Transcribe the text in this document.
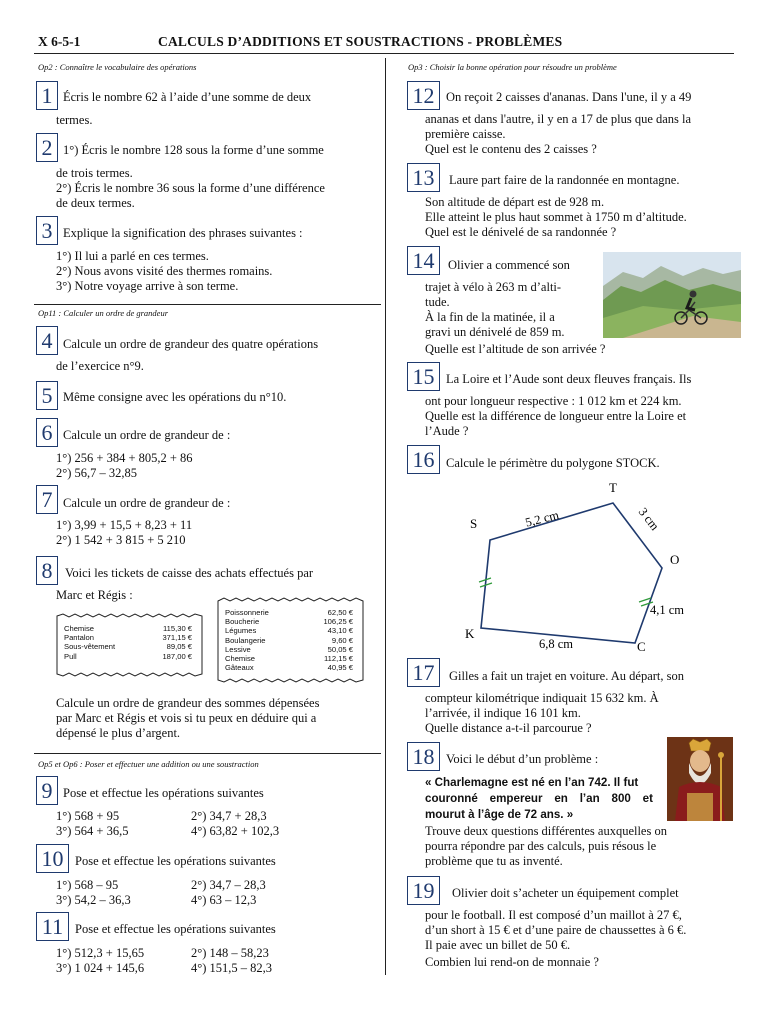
X 6-5-1	CALCULS D’ADDITIONS ET SOUSTRACTIONS - PROBLÈMES
Op2 : Connaître le vocabulaire des opérations
1 Écris le nombre 62 à l’aide d’une somme de deux
termes.
2 1°) Écris le nombre 128 sous la forme d’une somme
de trois termes.
2°) Écris le nombre 36 sous la forme d’une différence
de deux termes.
3 Explique la signification des phrases suivantes :
1°) Il lui a parlé en ces termes.
2°) Nous avons visité des thermes romains.
3°) Notre voyage arrive à son terme.
Op11 : Calculer un ordre de grandeur
4 Calcule un ordre de grandeur des quatre opérations
de l’exercice n°9.
5 Même consigne avec les opérations du n°10.
6 Calcule un ordre de grandeur de :
1°) 256 + 384 + 805,2 + 86
2°) 56,7 – 32,85
7 Calcule un ordre de grandeur de :
1°) 3,99 + 15,5 + 8,23 + 11
2°) 1 542 + 3 815 + 5 210
8	Voici les tickets de caisse des achats effectués par
Marc et Régis :
Chemise	115,30 €
Pantalon	371,15 €
Sous-vêtement	89,05 €
Pull	187,00 €
Poissonnerie	62,50 €
Boucherie	106,25 €
Légumes	43,10 €
Boulangerie	9,60 €
Lessive	50,05 €
Chemise	112,15 €
Gâteaux	40,95 €
Calcule un ordre de grandeur des sommes dépensées
par Marc et Régis et vois si tu peux en déduire qui a
dépensé le plus d’argent.
Op5 et Op6 : Poser et effectuer une addition ou une soustraction
9 Pose et effectue les opérations suivantes
1°) 568 + 95	2°) 34,7 + 28,3
3°) 564 + 36,5	4°) 63,82 + 102,3
10 Pose et effectue les opérations suivantes
1°) 568 – 95	2°) 34,7 – 28,3
3°) 54,2 – 36,3	4°) 63 – 12,3
11 Pose et effectue les opérations suivantes
1°) 512,3 + 15,65	2°) 148 – 58,23
3°) 1 024 + 145,6	4°) 151,5 – 82,3
Op3 : Choisir la bonne opération pour résoudre un problème
12 On reçoit 2 caisses d'ananas. Dans l'une, il y a 49
ananas et dans l'autre, il y en a 17 de plus que dans la
première caisse.
Quel est le contenu des 2 caisses ?
13	Laure part faire de la randonnée en montagne.
Son altitude de départ est de 928 m.
Elle atteint le plus haut sommet à 1750 m d’altitude.
Quel est le dénivelé de sa randonnée ?
14	Olivier a commencé son
trajet à vélo à 263 m d’alti-
tude.
À la fin de la matinée, il a
gravi un dénivelé de 859 m.
Quelle est l’altitude de son arrivée ?
15 La Loire et l’Aude sont deux fleuves français. Ils
ont pour longueur respective : 1 012 km et 224 km.
Quelle est la différence de longueur entre la Loire et
l’Aude ?
16 Calcule le périmètre du polygone STOCK.
T
S
O
K
C
5,2 cm	3 cm
4,1 cm
6,8 cm
17	Gilles a fait un trajet en voiture. Au départ, son
compteur kilométrique indiquait 15 632 km. À
l’arrivée, il indique 16 101 km.
Quelle distance a-t-il parcourue ?
18 Voici le début d’un problème :
« Charlemagne est né en l’an 742. Il fut
couronné empereur en l’an 800 et
mourut à l’âge de 72 ans. »
Trouve deux questions différentes auxquelles on
pourra répondre par des calculs, puis résous le
problème que tu as inventé.
19	Olivier doit s’acheter un équipement complet
pour le football. Il est composé d’un maillot à 27 €,
d’un short à 15 € et d’une paire de chaussettes à 6 €.
Il paie avec un billet de 50 €.
Combien lui rend-on de monnaie ?
